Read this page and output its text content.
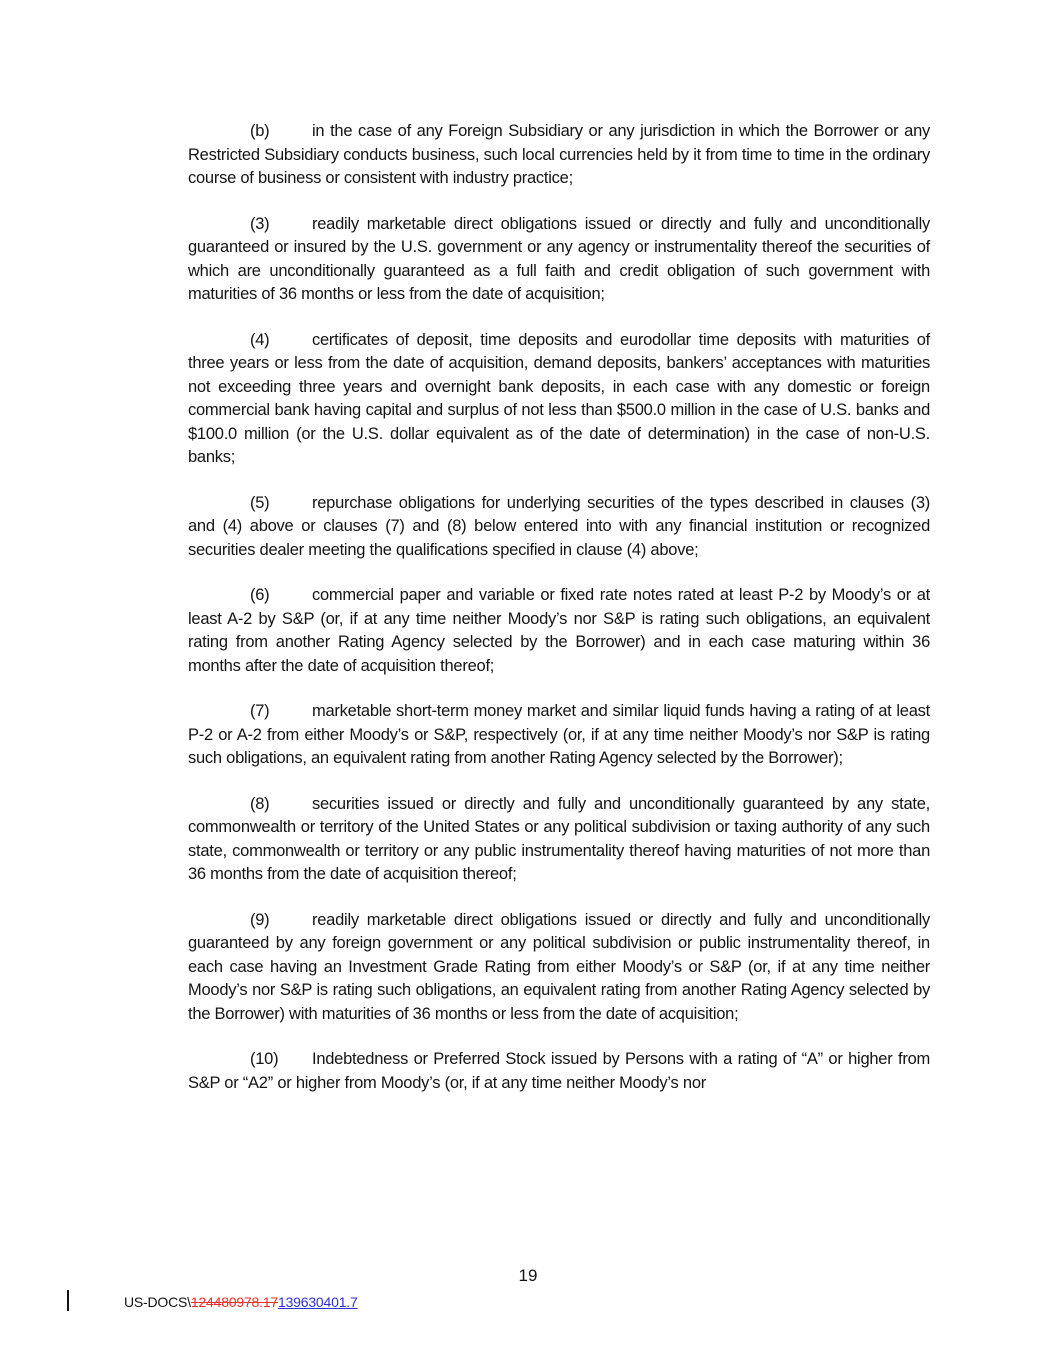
(b)	in the case of any Foreign Subsidiary or any jurisdiction in which the Borrower or any Restricted Subsidiary conducts business, such local currencies held by it from time to time in the ordinary course of business or consistent with industry practice;

(3)	readily marketable direct obligations issued or directly and fully and unconditionally guaranteed or insured by the U.S. government or any agency or instrumentality thereof the securities of which are unconditionally guaranteed as a full faith and credit obligation of such government with maturities of 36 months or less from the date of acquisition;

(4)	certificates of deposit, time deposits and eurodollar time deposits with maturities of three years or less from the date of acquisition, demand deposits, bankers’ acceptances with maturities not exceeding three years and overnight bank deposits, in each case with any domestic or foreign commercial bank having capital and surplus of not less than $500.0 million in the case of U.S. banks and $100.0 million (or the U.S. dollar equivalent as of the date of determination) in the case of non-U.S. banks;

(5)	repurchase obligations for underlying securities of the types described in clauses (3) and (4) above or clauses (7) and (8) below entered into with any financial institution or recognized securities dealer meeting the qualifications specified in clause (4) above;

(6)	commercial paper and variable or fixed rate notes rated at least P-2 by Moody’s or at least A-2 by S&P (or, if at any time neither Moody’s nor S&P is rating such obligations, an equivalent rating from another Rating Agency selected by the Borrower) and in each case maturing within 36 months after the date of acquisition thereof;

(7)	marketable short-term money market and similar liquid funds having a rating of at least P-2 or A-2 from either Moody’s or S&P, respectively (or, if at any time neither Moody’s nor S&P is rating such obligations, an equivalent rating from another Rating Agency selected by the Borrower);

(8)	securities issued or directly and fully and unconditionally guaranteed by any state, commonwealth or territory of the United States or any political subdivision or taxing authority of any such state, commonwealth or territory or any public instrumentality thereof having maturities of not more than 36 months from the date of acquisition thereof;

(9)	readily marketable direct obligations issued or directly and fully and unconditionally guaranteed by any foreign government or any political subdivision or public instrumentality thereof, in each case having an Investment Grade Rating from either Moody’s or S&P (or, if at any time neither Moody’s nor S&P is rating such obligations, an equivalent rating from another Rating Agency selected by the Borrower) with maturities of 36 months or less from the date of acquisition;

(10) Indebtedness or Preferred Stock issued by Persons with a rating of “A” or higher from S&P or “A2” or higher from Moody’s (or, if at any time neither Moody’s nor

19
US-DOCS\124480978.17139630401.7
